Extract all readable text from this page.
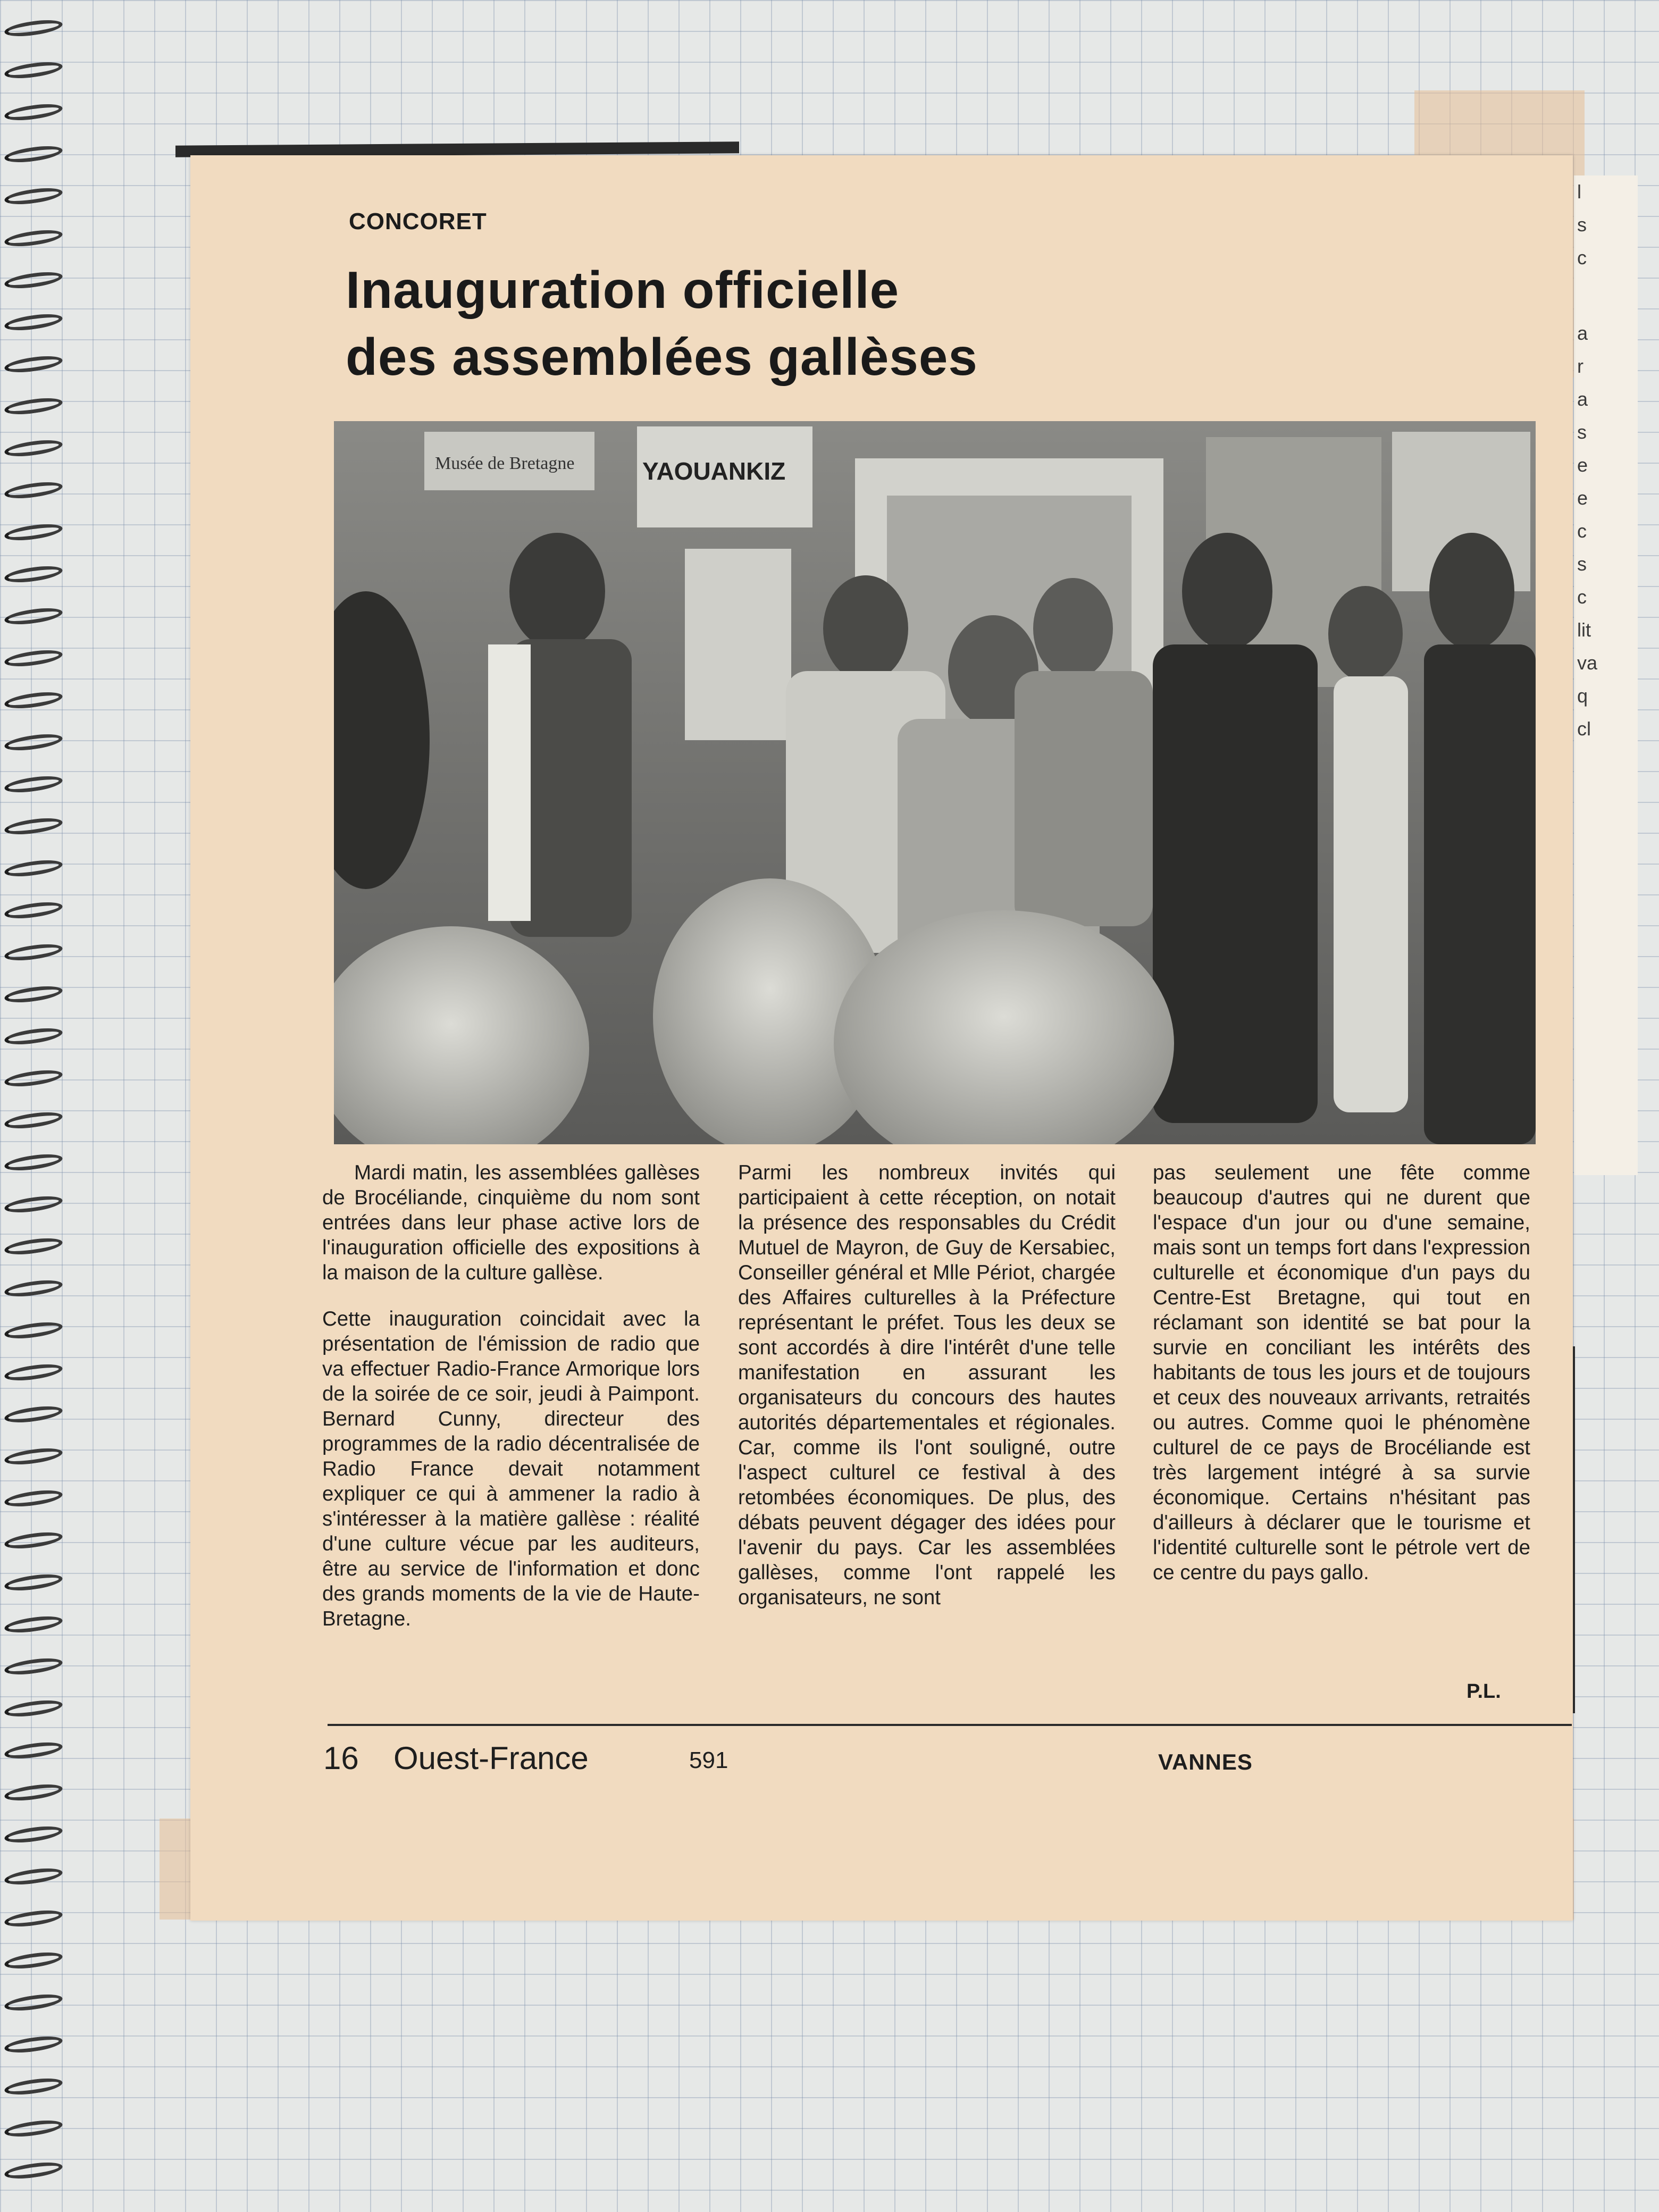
l
s
c
a
r
a
s
e
e
c
s
c
lit
va
q
cl
CONCORET
Inauguration officielle
des assemblées gallèses
Musée de Bretagne	YAOUANKIZ

Mardi matin, les assemblées gallèses de Brocéliande, cinquième du nom sont entrées dans leur phase active lors de l'inauguration officielle des expositions à la maison de la culture gallèse.

Cette inauguration coincidait avec la présentation de l'émission de radio que va effectuer Radio-France Armorique lors de la soirée de ce soir, jeudi à Paimpont. Bernard Cunny, directeur des programmes de la radio décentralisée de Radio France devait notamment expliquer ce qui à ammener la radio à s'intéresser à la matière gallèse : réalité d'une culture vécue par les auditeurs, être au service de l'information et donc des grands moments de la vie de Haute-Bretagne.

Parmi les nombreux invités qui participaient à cette réception, on notait la présence des responsables du Crédit Mutuel de Mayron, de Guy de Kersabiec, Conseiller général et Mlle Périot, chargée des Affaires culturelles à la Préfecture représentant le préfet. Tous les deux se sont accordés à dire l'intérêt d'une telle manifestation en assurant les organisateurs du concours des hautes autorités départementales et régionales. Car, comme ils l'ont souligné, outre l'aspect culturel ce festival à des retombées économiques. De plus, des débats peuvent dégager des idées pour l'avenir du pays. Car les assemblées gallèses, comme l'ont rappelé les organisateurs, ne sont

pas seulement une fête comme beaucoup d'autres qui ne durent que l'espace d'un jour ou d'une semaine, mais sont un temps fort dans l'expression culturelle et économique d'un pays du Centre-Est Bretagne, qui tout en réclamant son identité se bat pour la survie en conciliant les intérêts des habitants de tous les jours et de toujours et ceux des nouveaux arrivants, retraités ou autres. Comme quoi le phénomène culturel de ce pays de Brocéliande est très largement intégré à sa survie économique. Certains n'hésitant pas d'ailleurs à déclarer que le tourisme et l'identité culturelle sont le pétrole vert de ce centre du pays gallo.

P.L.
16 Ouest-France	591	VANNES
